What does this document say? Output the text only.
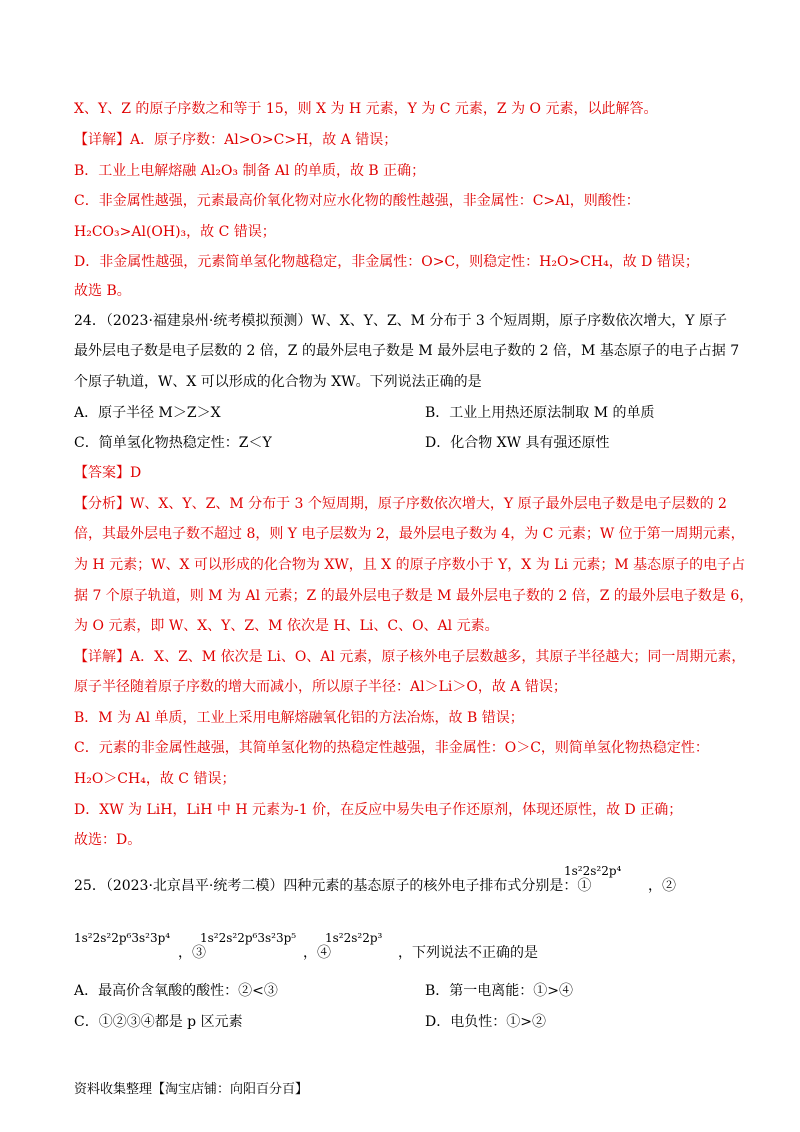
X、Y、Z 的原子序数之和等于 15，则 X 为 H 元素，Y 为 C 元素，Z 为 O 元素，以此解答。
【详解】A．原子序数：Al>O>C>H，故 A 错误；
B．工业上电解熔融 Al₂O₃ 制备 Al 的单质，故 B 正确；
C．非金属性越强，元素最高价氧化物对应水化物的酸性越强，非金属性：C>Al，则酸性：
H₂CO₃>Al(OH)₃，故 C 错误；
D．非金属性越强，元素简单氢化物越稳定，非金属性：O>C，则稳定性：H₂O>CH₄，故 D 错误；
故选 B。
24．（2023·福建泉州·统考模拟预测）W、X、Y、Z、M 分布于 3 个短周期，原子序数依次增大，Y 原子
最外层电子数是电子层数的 2 倍，Z 的最外层电子数是 M 最外层电子数的 2 倍，M 基态原子的电子占据 7
个原子轨道，W、X 可以形成的化合物为 XW。下列说法正确的是
A．原子半径 M＞Z＞X	B．工业上用热还原法制取 M 的单质
C．简单氢化物热稳定性：Z＜Y	D．化合物 XW 具有强还原性
【答案】D
【分析】W、X、Y、Z、M 分布于 3 个短周期，原子序数依次增大，Y 原子最外层电子数是电子层数的 2
倍，其最外层电子数不超过 8，则 Y 电子层数为 2，最外层电子数为 4，为 C 元素；W 位于第一周期元素，
为 H 元素；W、X 可以形成的化合物为 XW，且 X 的原子序数小于 Y，X 为 Li 元素；M 基态原子的电子占
据 7 个原子轨道，则 M 为 Al 元素；Z 的最外层电子数是 M 最外层电子数的 2 倍，Z 的最外层电子数是 6，
为 O 元素，即 W、X、Y、Z、M 依次是 H、Li、C、O、Al 元素。
【详解】A．X、Z、M 依次是 Li、O、Al 元素，原子核外电子层数越多，其原子半径越大；同一周期元素，
原子半径随着原子序数的增大而减小，所以原子半径：Al＞Li＞O，故 A 错误；
B．M 为 Al 单质，工业上采用电解熔融氧化铝的方法冶炼，故 B 错误；
C．元素的非金属性越强，其简单氢化物的热稳定性越强，非金属性：O＞C，则简单氢化物热稳定性：
H₂O＞CH₄，故 C 错误；
D．XW 为 LiH，LiH 中 H 元素为-1 价，在反应中易失电子作还原剂，体现还原性，故 D 正确；
故选：D。
25．（2023·北京昌平·统考二模）四种元素的基态原子的核外电子排布式分别是：①
1s²2s²2p⁴
，②
1s²2s²2p⁶3s²3p⁴
，③
1s²2s²2p⁶3s²3p⁵
，④
1s²2s²2p³
，下列说法不正确的是
A．最高价含氧酸的酸性：②<③	B．第一电离能：①>④
C．①②③④都是 p 区元素	D．电负性：①>②
资料收集整理【淘宝店铺：向阳百分百】
